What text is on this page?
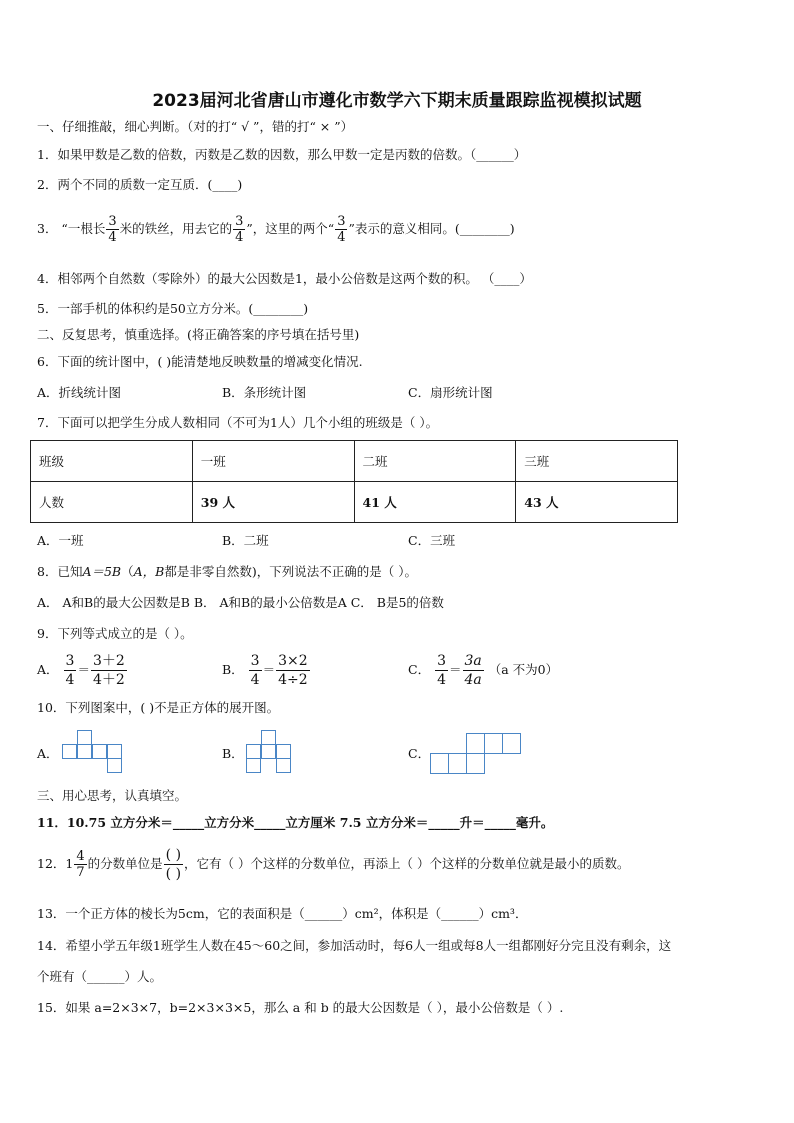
2023届河北省唐山市遵化市数学六下期末质量跟踪监视模拟试题
一、仔细推敲，细心判断。（对的打“ √ ”，错的打“ × ”）
1．如果甲数是乙数的倍数，丙数是乙数的因数，那么甲数一定是丙数的倍数。（______）
2．两个不同的质数一定互质．(____)
3． “一根长 $\frac{3}{4}$ 米的铁丝，用去它的 $\frac{3}{4}$ ”，这里的两个“ $\frac{3}{4}$ ”表示的意义相同。(________)
4．相邻两个自然数（零除外）的最大公因数是1，最小公倍数是这两个数的积。 （____）
5．一部手机的体积约是50立方分米。(________)
二、反复思考，慎重选择。(将正确答案的序号填在括号里)
6．下面的统计图中，( )能清楚地反映数量的增减变化情况.
A．折线统计图	B．条形统计图	C．扇形统计图
7．下面可以把学生分成人数相同（不可为1人）几个小组的班级是（ ）。
班级	一班	二班	三班
人数	39 人	41 人	43 人
A．一班	B．二班	C．三班
8．已知A＝5B（A，B都是非零自然数)，下列说法不正确的是（ ）。
A． A和B的最大公因数是B B． A和B的最小公倍数是A C． B是5的倍数
9．下列等式成立的是（ ）。
A． $\frac{3}{4} = \frac{3+2}{4+2}$	B． $\frac{3}{4} = \frac{3\times 2}{4\div 2}$	C． $\frac{3}{4} = \frac{3a}{4a} (a$ 不为0）
10．下列图案中，( )不是正方体的展开图。
A．	B．	C．
三、用心思考，认真填空。
11．10.75 立方分米＝_____立方分米_____立方厘米 7.5 立方分米＝_____升＝_____毫升。
12．$1 \frac{4}{7}$ 的分数单位是 $\frac{( )}{( )}$ ，它有（ ）个这样的分数单位，再添上（ ）个这样的分数单位就是最小的质数。
13．一个正方体的棱长为5cm，它的表面积是（______）cm²，体积是（______）cm³．
14．希望小学五年级1班学生人数在45～60之间，参加活动时，每6人一组或每8人一组都刚好分完且没有剩余，这
个班有（______）人。
15．如果 a=2×3×7，b=2×3×3×5，那么 a 和 b 的最大公因数是（ ），最小公倍数是（ ）.
